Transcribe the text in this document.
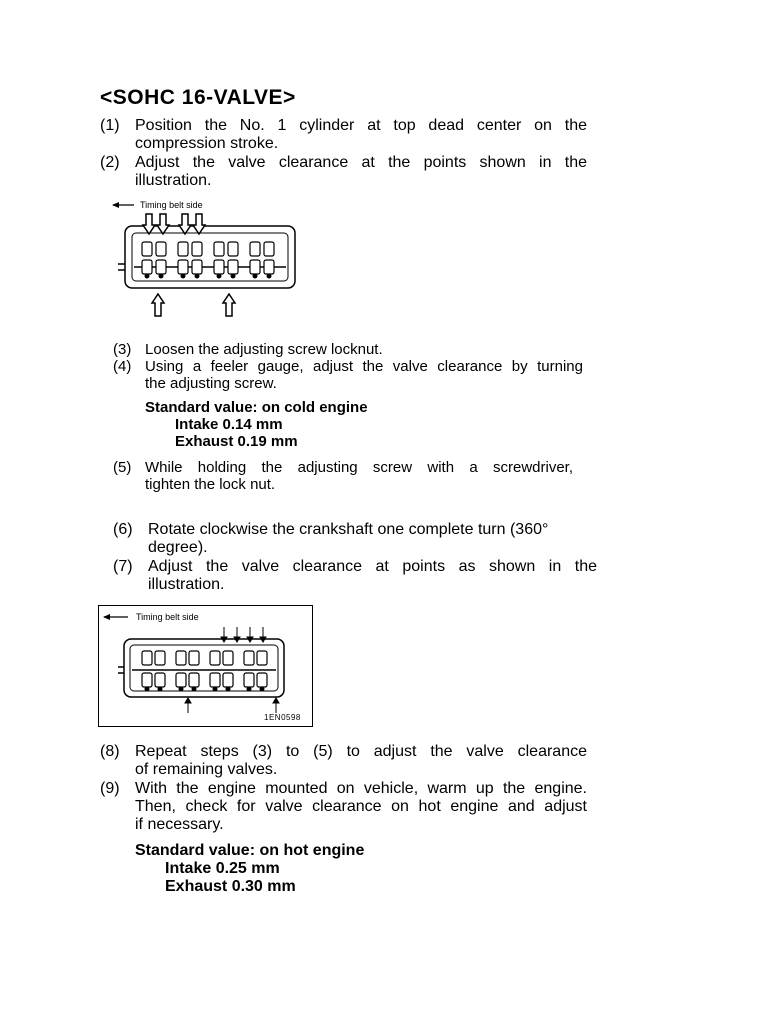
<SOHC 16-VALVE>
(1) Position the No. 1 cylinder at top dead center on the
compression stroke.
(2) Adjust the valve clearance at the points shown in the
illustration.
Timing belt side
(3) Loosen the adjusting screw locknut.
(4) Using a feeler gauge, adjust the valve clearance by turning
the adjusting screw.
Standard value: on cold engine
Intake 0.14 mm
Exhaust 0.19 mm
(5) While holding the adjusting screw with a screwdriver,
tighten the lock nut.
(6) Rotate clockwise the crankshaft one complete turn (360°
degree).
(7) Adjust the valve clearance at points as shown in the
illustration.
Timing belt side
1EN0598
(8) Repeat steps (3) to (5) to adjust the valve clearance
of remaining valves.
(9) With the engine mounted on vehicle, warm up the engine.
Then, check for valve clearance on hot engine and adjust
if necessary.
Standard value: on hot engine
Intake 0.25 mm
Exhaust 0.30 mm
